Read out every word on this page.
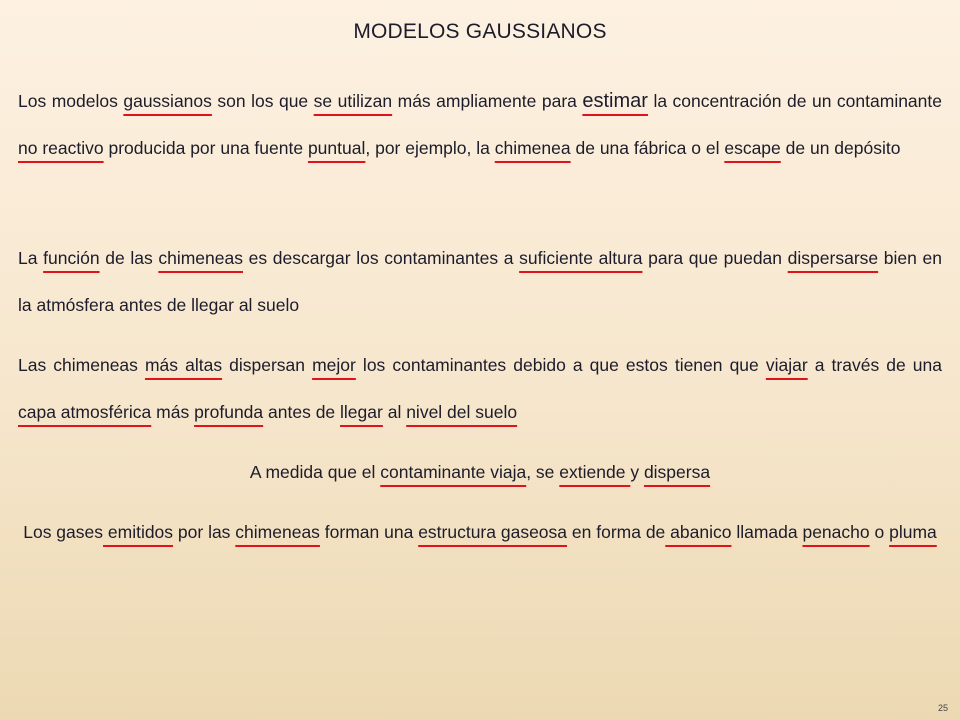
MODELOS GAUSSIANOS

Los modelos gaussianos son los que se utilizan más ampliamente para estimar la concentración de un contaminante no reactivo producida por una fuente puntual, por ejemplo, la chimenea de una fábrica o el escape de un depósito

La función de las chimeneas es descargar los contaminantes a suficiente altura para que puedan dispersarse bien en la atmósfera antes de llegar al suelo

Las chimeneas más altas dispersan mejor los contaminantes debido a que estos tienen que viajar a través de una capa atmosférica más profunda antes de llegar al nivel del suelo

A medida que el contaminante viaja, se extiende y dispersa

Los gases emitidos por las chimeneas forman una estructura gaseosa en forma de abanico llamada penacho o pluma

25
